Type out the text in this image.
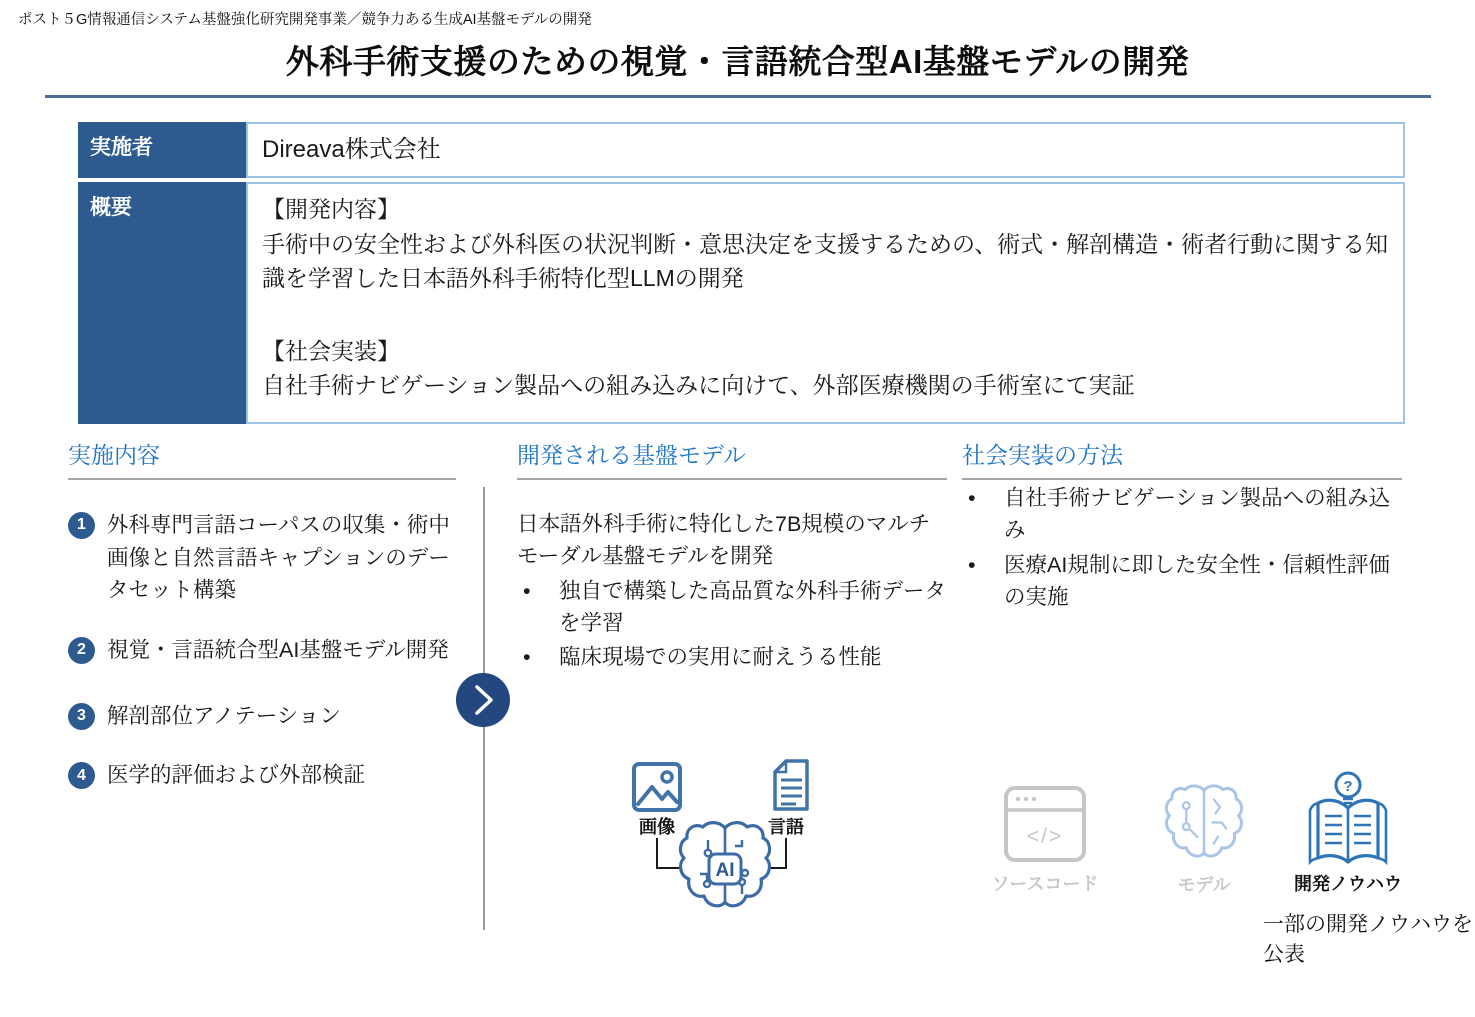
ポスト５G情報通信システム基盤強化研究開発事業／競争力ある生成AI基盤モデルの開発
外科手術支援のための視覚・言語統合型AI基盤モデルの開発
実施者	Direava株式会社
概要	【開発内容】
手術中の安全性および外科医の状況判断・意思決定を支援するための、術式・解剖構造・術者行動に関する知識を学習した日本語外科手術特化型LLMの開発
【社会実装】
自社手術ナビゲーション製品への組み込みに向けて、外部医療機関の手術室にて実証
実施内容
1 外科専門言語コーパスの収集・術中画像と自然言語キャプションのデータセット構築
2 視覚・言語統合型AI基盤モデル開発
3 解剖部位アノテーション
4 医学的評価および外部検証
開発される基盤モデル
日本語外科手術に特化した7B規模のマルチモーダル基盤モデルを開発
•	独自で構築した高品質な外科手術データを学習
•	臨床現場での実用に耐えうる性能
社会実装の方法
•	自社手術ナビゲーション製品への組み込み
•	医療AI規制に即した安全性・信頼性評価の実施
画像	言語
AI
</>
ソースコード	モデル
?
開発ノウハウ
一部の開発ノウハウを公表
